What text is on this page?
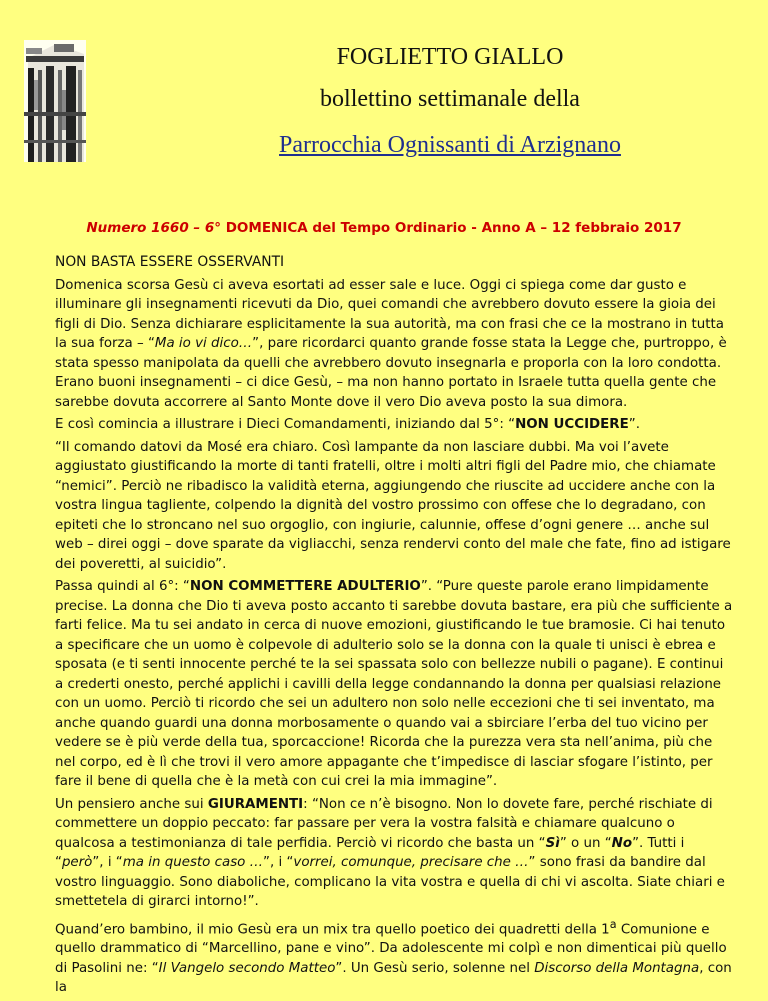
FOGLIETTO GIALLO
bollettino settimanale della
Parrocchia Ognissanti di Arzignano
Numero 1660 – 6° DOMENICA del Tempo Ordinario - Anno A – 12 febbraio 2017

NON BASTA ESSERE OSSERVANTI

Domenica scorsa Gesù ci aveva esortati ad esser sale e luce. Oggi ci spiega come dar gusto e illuminare gli insegnamenti ricevuti da Dio, quei comandi che avrebbero dovuto essere la gioia dei figli di Dio. Senza dichiarare esplicitamente la sua autorità, ma con frasi che ce la mostrano in tutta la sua forza – “Ma io vi dico…”, pare ricordarci quanto grande fosse stata la Legge che, purtroppo, è stata spesso manipolata da quelli che avrebbero dovuto insegnarla e proporla con la loro condotta. Erano buoni insegnamenti – ci dice Gesù, – ma non hanno portato in Israele tutta quella gente che sarebbe dovuta accorrere al Santo Monte dove il vero Dio aveva posto la sua dimora.

E così comincia a illustrare i Dieci Comandamenti, iniziando dal 5°: “NON UCCIDERE”.

“Il comando datovi da Mosé era chiaro. Così lampante da non lasciare dubbi. Ma voi l’avete aggiustato giustificando la morte di tanti fratelli, oltre i molti altri figli del Padre mio, che chiamate “nemici”. Perciò ne ribadisco la validità eterna, aggiungendo che riuscite ad uccidere anche con la vostra lingua tagliente, colpendo la dignità del vostro prossimo con offese che lo degradano, con epiteti che lo stroncano nel suo orgoglio, con ingiurie, calunnie, offese d’ogni genere … anche sul web – direi oggi – dove sparate da vigliacchi, senza rendervi conto del male che fate, fino ad istigare dei poveretti, al suicidio”.

Passa quindi al 6°: “NON COMMETTERE ADULTERIO”. “Pure queste parole erano limpidamente precise. La donna che Dio ti aveva posto accanto ti sarebbe dovuta bastare, era più che sufficiente a farti felice. Ma tu sei andato in cerca di nuove emozioni, giustificando le tue bramosie. Ci hai tenuto a specificare che un uomo è colpevole di adulterio solo se la donna con la quale ti unisci è ebrea e sposata (e ti senti innocente perché te la sei spassata solo con bellezze nubili o pagane). E continui a crederti onesto, perché applichi i cavilli della legge condannando la donna per qualsiasi relazione con un uomo. Perciò ti ricordo che sei un adultero non solo nelle eccezioni che ti sei inventato, ma anche quando guardi una donna morbosamente o quando vai a sbirciare l’erba del tuo vicino per vedere se è più verde della tua, sporcaccione! Ricorda che la purezza vera sta nell’anima, più che nel corpo, ed è lì che trovi il vero amore appagante che t’impedisce di lasciar sfogare l’istinto, per fare il bene di quella che è la metà con cui crei la mia immagine”.

Un pensiero anche sui GIURAMENTI: “Non ce n’è bisogno. Non lo dovete fare, perché rischiate di commettere un doppio peccato: far passare per vera la vostra falsità e chiamare qualcuno o qualcosa a testimonianza di tale perfidia. Perciò vi ricordo che basta un “Sì” o un “No”. Tutti i “però”, i “ma in questo caso …”, i “vorrei, comunque, precisare che …” sono frasi da bandire dal vostro linguaggio. Sono diaboliche, complicano la vita vostra e quella di chi vi ascolta. Siate chiari e smettetela di girarci intorno!”.

Quand’ero bambino, il mio Gesù era un mix tra quello poetico dei quadretti della 1$^a$ Comunione e quello drammatico di “Marcellino, pane e vino”. Da adolescente mi colpì e non dimenticai più quello di Pasolini ne: “Il Vangelo secondo Matteo”. Un Gesù serio, solenne nel Discorso della Montagna, con la
